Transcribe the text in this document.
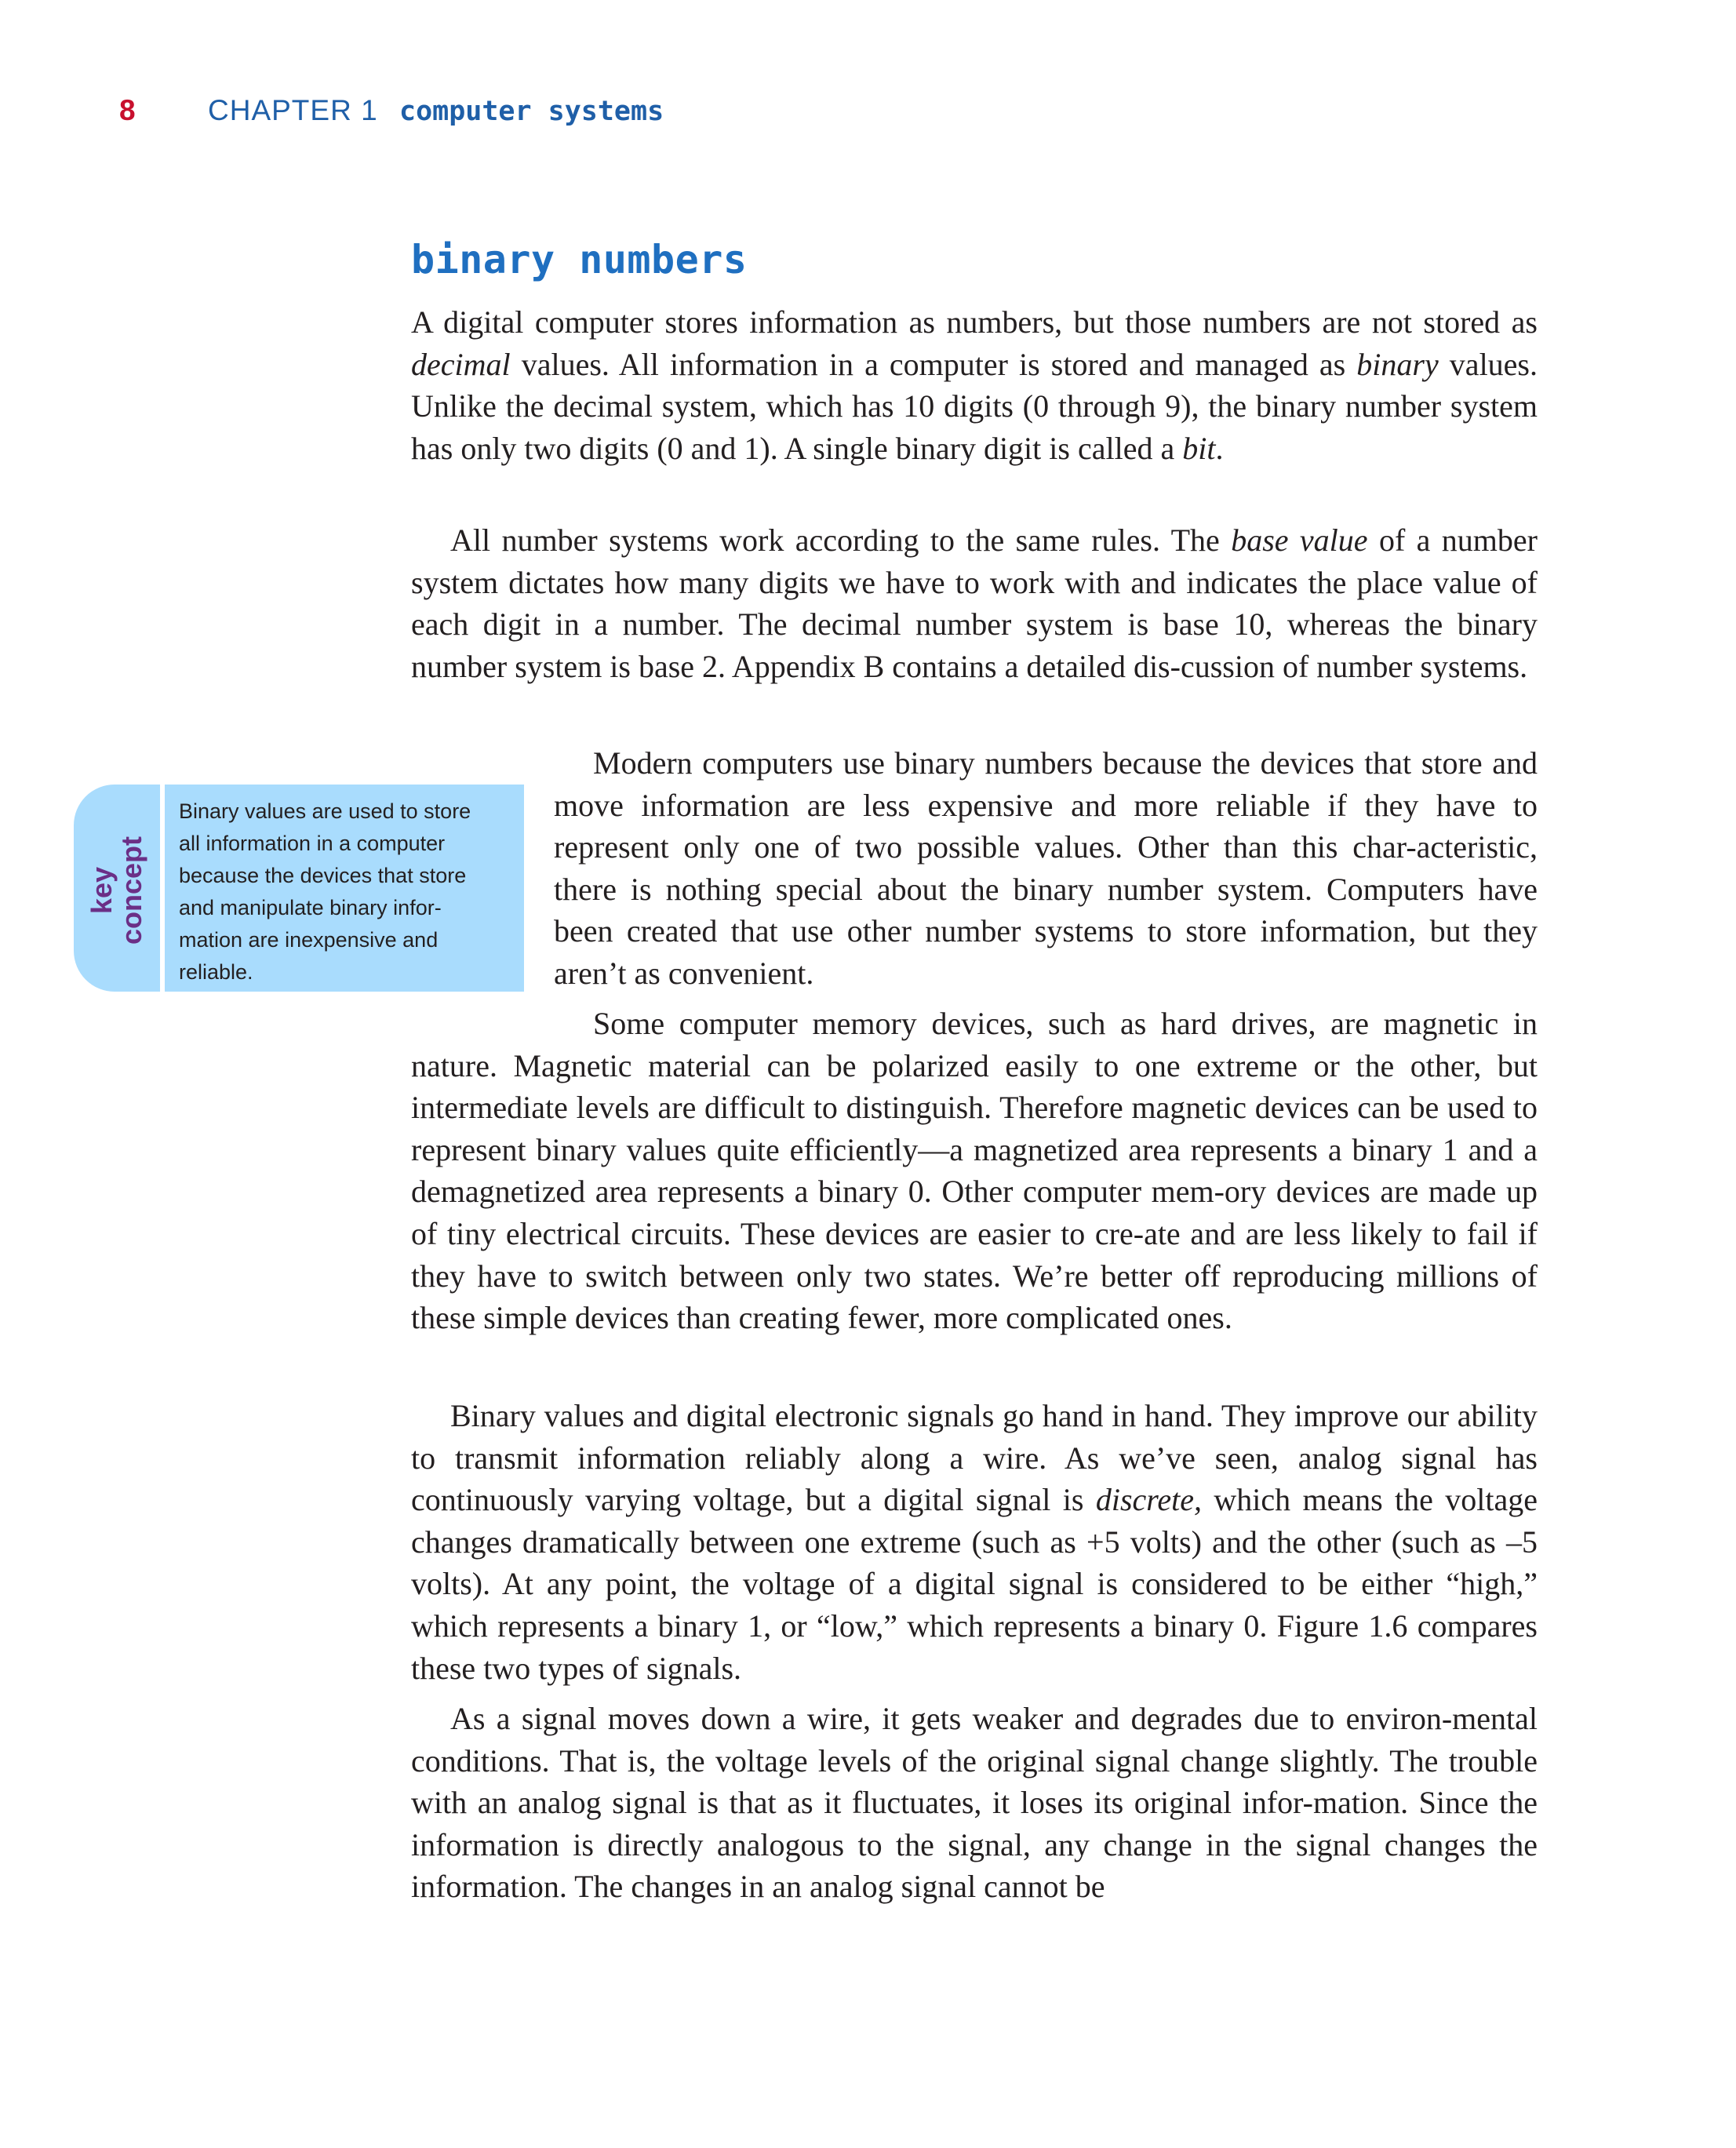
8 CHAPTER 1 computer systems
binary numbers

A digital computer stores information as numbers, but those numbers are not stored as decimal values. All information in a computer is stored and managed as binary values. Unlike the decimal system, which has 10 digits (0 through 9), the binary number system has only two digits (0 and 1). A single binary digit is called a bit.

All number systems work according to the same rules. The base value of a number system dictates how many digits we have to work with and indicates the place value of each digit in a number. The decimal number system is base 10, whereas the binary number system is base 2. Appendix B contains a detailed dis-cussion of number systems.

Modern computers use binary numbers because the devices that store and move information are less expensive and more reliable if they have to represent only one of two possible values. Other than this char-acteristic, there is nothing special about the binary number system. Computers have been created that use other number systems to store information, but they aren’t as convenient.

Some computer memory devices, such as hard drives, are magnetic in nature. Magnetic material can be polarized easily to one extreme or the other, but intermediate levels are difficult to distinguish. Therefore magnetic devices can be used to represent binary values quite efficiently—a magnetized area represents a binary 1 and a demagnetized area represents a binary 0. Other computer mem-ory devices are made up of tiny electrical circuits. These devices are easier to cre-ate and are less likely to fail if they have to switch between only two states. We’re better off reproducing millions of these simple devices than creating fewer, more complicated ones.

Binary values and digital electronic signals go hand in hand. They improve our ability to transmit information reliably along a wire. As we’ve seen, analog signal has continuously varying voltage, but a digital signal is discrete, which means the voltage changes dramatically between one extreme (such as +5 volts) and the other (such as –5 volts). At any point, the voltage of a digital signal is considered to be either “high,” which represents a binary 1, or “low,” which represents a binary 0. Figure 1.6 compares these two types of signals.

As a signal moves down a wire, it gets weaker and degrades due to environ-mental conditions. That is, the voltage levels of the original signal change slightly. The trouble with an analog signal is that as it fluctuates, it loses its original infor-mation. Since the information is directly analogous to the signal, any change in the signal changes the information. The changes in an analog signal cannot be

key
concept
Binary values are used to store
all information in a computer
because the devices that store
and manipulate binary infor-
mation are inexpensive and
reliable.
